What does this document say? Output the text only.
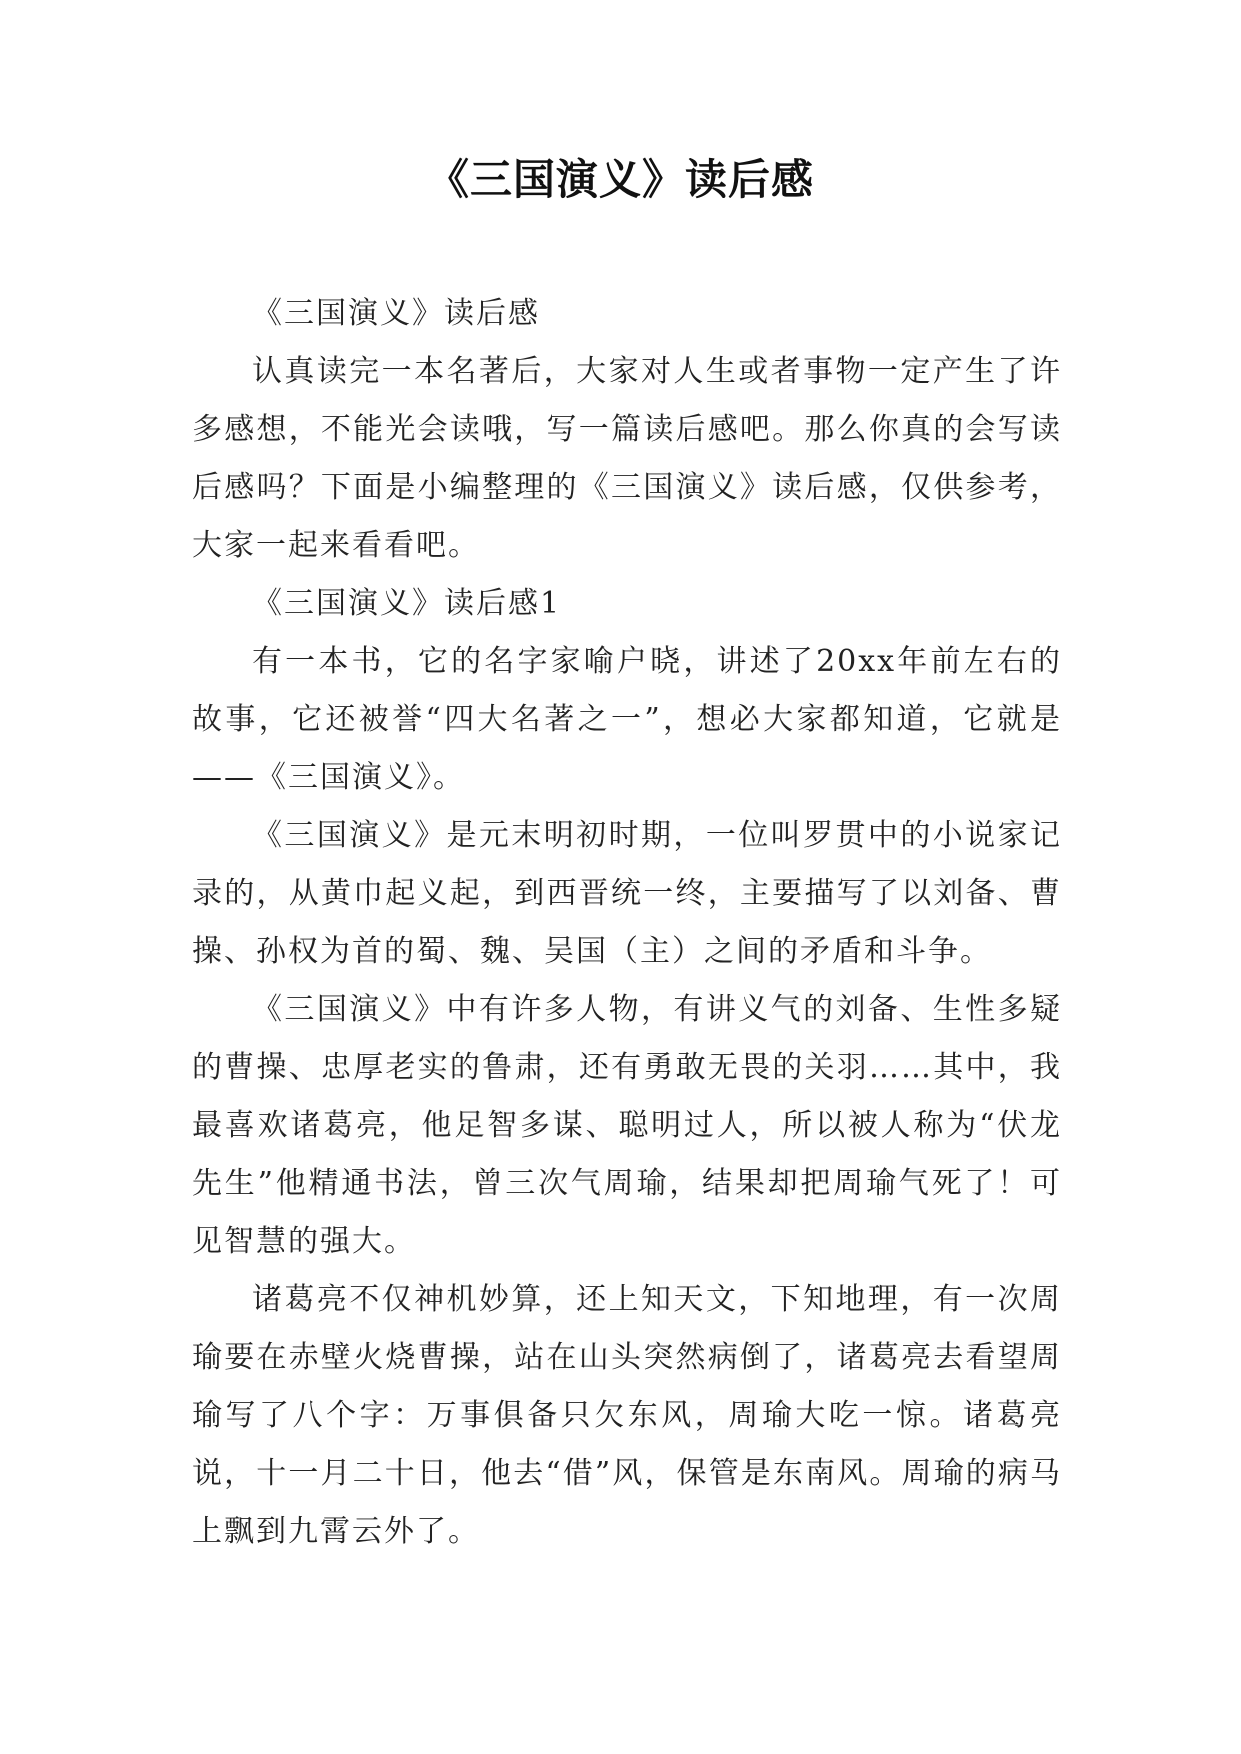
《三国演义》读后感

《三国演义》读后感

认真读完一本名著后，大家对人生或者事物一定产生了许多感想，不能光会读哦，写一篇读后感吧。那么你真的会写读后感吗？下面是小编整理的《三国演义》读后感，仅供参考，大家一起来看看吧。

《三国演义》读后感1

有一本书，它的名字家喻户晓，讲述了20xx年前左右的故事，它还被誉“四大名著之一”，想必大家都知道，它就是——《三国演义》。

《三国演义》是元末明初时期，一位叫罗贯中的小说家记录的，从黄巾起义起，到西晋统一终，主要描写了以刘备、曹操、孙权为首的蜀、魏、吴国（主）之间的矛盾和斗争。

《三国演义》中有许多人物，有讲义气的刘备、生性多疑的曹操、忠厚老实的鲁肃，还有勇敢无畏的关羽……其中，我最喜欢诸葛亮，他足智多谋、聪明过人，所以被人称为“伏龙先生”他精通书法，曾三次气周瑜，结果却把周瑜气死了！可见智慧的强大。

诸葛亮不仅神机妙算，还上知天文，下知地理，有一次周瑜要在赤壁火烧曹操，站在山头突然病倒了，诸葛亮去看望周瑜写了八个字：万事俱备只欠东风，周瑜大吃一惊。诸葛亮说，十一月二十日，他去“借”风，保管是东南风。周瑜的病马上飘到九霄云外了。
